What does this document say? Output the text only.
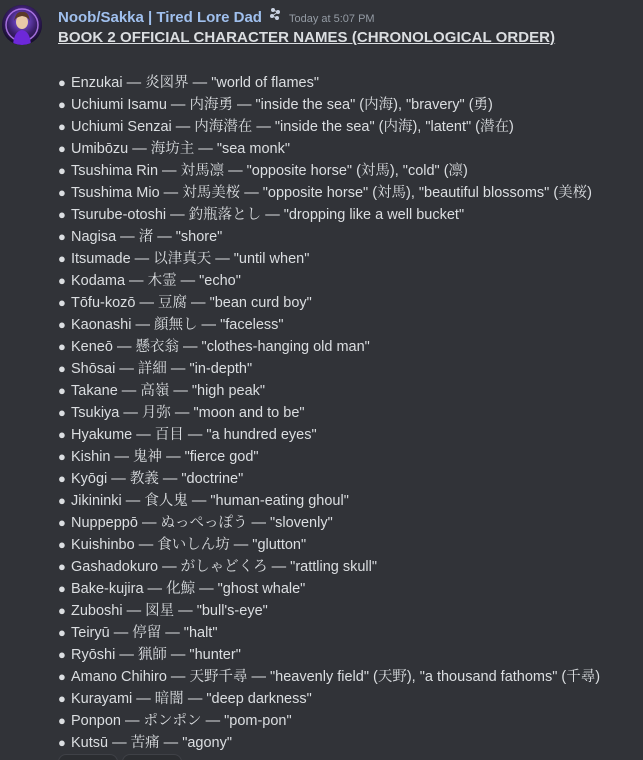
Noob/Sakka | Tired Lore Dad Today at 5:07 PM
BOOK 2 OFFICIAL CHARACTER NAMES (CHRONOLOGICAL ORDER)
● Enzukai — 炎図界 — "world of flames"
● Uchiumi Isamu — 内海勇 — "inside the sea" (内海), "bravery" (勇)
● Uchiumi Senzai — 内海潜在 — "inside the sea" (内海), "latent" (潜在)
● Umibōzu — 海坊主 — "sea monk"
● Tsushima Rin — 対馬凛 — "opposite horse" (対馬), "cold" (凛)
● Tsushima Mio — 対馬美桜 — "opposite horse" (対馬), "beautiful blossoms" (美桜)
● Tsurube-otoshi — 釣瓶落とし — "dropping like a well bucket"
● Nagisa — 渚 — "shore"
● Itsumade — 以津真天 — "until when"
● Kodama — 木霊 — "echo"
● Tōfu-kozō — 豆腐 — "bean curd boy"
● Kaonashi — 顔無し — "faceless"
● Keneō — 懸衣翁 — "clothes-hanging old man"
● Shōsai — 詳細 — "in-depth"
● Takane — 高嶺 — "high peak"
● Tsukiya — 月弥 — "moon and to be"
● Hyakume — 百目 — "a hundred eyes"
● Kishin — 鬼神 — "fierce god"
● Kyōgi — 教義 — "doctrine"
● Jikininki — 食人鬼 — "human-eating ghoul"
● Nuppeppō — ぬっぺっぽう — "slovenly"
● Kuishinbo — 食いしん坊 — "glutton"
● Gashadokuro — がしゃどくろ — "rattling skull"
● Bake-kujira — 化鯨 — "ghost whale"
● Zuboshi — 図星 — "bull's-eye"
● Teiryū — 停留 — "halt"
● Ryōshi — 猟師 — "hunter"
● Amano Chihiro — 天野千尋 — "heavenly field" (天野), "a thousand fathoms" (千尋)
● Kurayami — 暗闇 — "deep darkness"
● Ponpon — ポンポン — "pom-pon"
● Kutsū — 苦痛 — "agony"
